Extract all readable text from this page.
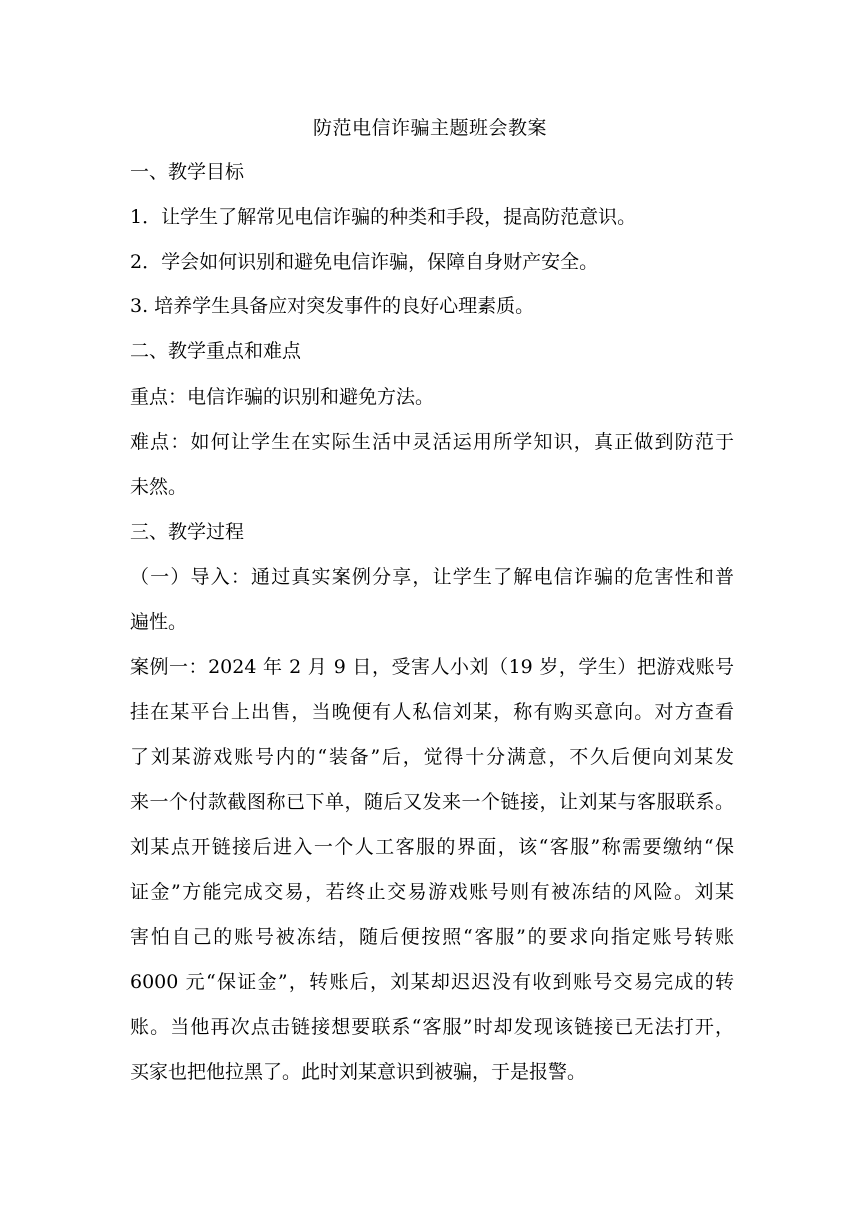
防范电信诈骗主题班会教案
一、教学目标
1．让学生了解常见电信诈骗的种类和手段，提高防范意识。
2．学会如何识别和避免电信诈骗，保障自身财产安全。
3. 培养学生具备应对突发事件的良好心理素质。
二、教学重点和难点
重点：电信诈骗的识别和避免方法。
难点：如何让学生在实际生活中灵活运用所学知识，真正做到防范于
未然。
三、教学过程
（一）导入：通过真实案例分享，让学生了解电信诈骗的危害性和普
遍性。
案例一：2024 年 2 月 9 日，受害人小刘（19 岁，学生）把游戏账号
挂在某平台上出售，当晚便有人私信刘某，称有购买意向。对方查看
了刘某游戏账号内的“装备”后，觉得十分满意，不久后便向刘某发
来一个付款截图称已下单，随后又发来一个链接，让刘某与客服联系。
刘某点开链接后进入一个人工客服的界面，该“客服”称需要缴纳“保
证金”方能完成交易，若终止交易游戏账号则有被冻结的风险。刘某
害怕自己的账号被冻结，随后便按照“客服”的要求向指定账号转账
6000 元“保证金”，转账后，刘某却迟迟没有收到账号交易完成的转
账。当他再次点击链接想要联系“客服”时却发现该链接已无法打开，
买家也把他拉黑了。此时刘某意识到被骗，于是报警。
